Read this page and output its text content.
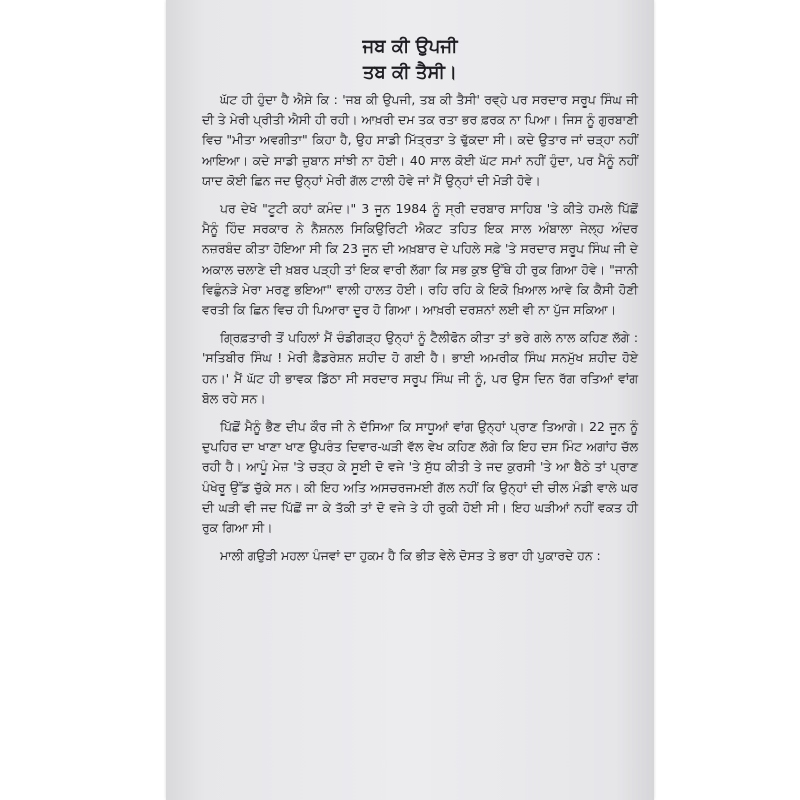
ਜਬ ਕੀ ਉਪਜੀ
ਤਬ ਕੀ ਤੈਸੀ।

ਘੱਟ ਹੀ ਹੁੰਦਾ ਹੈ ਐਸੇ ਕਿ : 'ਜਬ ਕੀ ਉਪਜੀ, ਤਬ ਕੀ ਤੈਸੀ' ਰਵ੍ਹੇ ਪਰ ਸਰਦਾਰ ਸਰੂਪ ਸਿੰਘ ਜੀ ਦੀ ਤੇ ਮੇਰੀ ਪ੍ਰੀਤੀ ਐਸੀ ਹੀ ਰਹੀ। ਆਖ਼ਰੀ ਦਮ ਤਕ ਰਤਾ ਭਰ ਫ਼ਰਕ ਨਾ ਪਿਆ। ਜਿਸ ਨੂੰ ਗੁਰਬਾਣੀ ਵਿਚ "ਮੀਤਾ ਅਵਗੀਤਾ" ਕਿਹਾ ਹੈ, ਉਹ ਸਾਡੀ ਮਿੱਤ੍ਰਤਾ ਤੇ ਢੁੱਕਦਾ ਸੀ। ਕਦੇ ਉਤਾਰ ਜਾਂ ਚੜ੍ਹਾ ਨਹੀਂ ਆਇਆ। ਕਦੇ ਸਾਡੀ ਜ਼ੁਬਾਨ ਸਾਂਝੀ ਨਾ ਹੋਈ। 40 ਸਾਲ ਕੋਈ ਘੱਟ ਸਮਾਂ ਨਹੀਂ ਹੁੰਦਾ, ਪਰ ਮੈਨੂੰ ਨਹੀਂ ਯਾਦ ਕੋਈ ਛਿਨ ਜਦ ਉਨ੍ਹਾਂ ਮੇਰੀ ਗੱਲ ਟਾਲੀ ਹੋਵੇ ਜਾਂ ਮੈਂ ਉਨ੍ਹਾਂ ਦੀ ਮੋੜੀ ਹੋਵੇ।

ਪਰ ਦੇਖੋ "ਟੂਟੀ ਕਹਾਂ ਕਮੰਦ।" 3 ਜੂਨ 1984 ਨੂੰ ਸ੍ਰੀ ਦਰਬਾਰ ਸਾਹਿਬ 'ਤੇ ਕੀਤੇ ਹਮਲੇ ਪਿੱਛੋਂ ਮੈਨੂੰ ਹਿੰਦ ਸਰਕਾਰ ਨੇ ਨੈਸ਼ਨਲ ਸਿਕਿਉਰਿਟੀ ਐਕਟ ਤਹਿਤ ਇਕ ਸਾਲ ਅੰਬਾਲਾ ਜੇਲ੍ਹ ਅੰਦਰ ਨਜ਼ਰਬੰਦ ਕੀਤਾ ਹੋਇਆ ਸੀ ਕਿ 23 ਜੂਨ ਦੀ ਅਖ਼ਬਾਰ ਦੇ ਪਹਿਲੇ ਸਫ਼ੇ 'ਤੇ ਸਰਦਾਰ ਸਰੂਪ ਸਿੰਘ ਜੀ ਦੇ ਅਕਾਲ ਚਲਾਣੇ ਦੀ ਖ਼ਬਰ ਪੜ੍ਹੀ ਤਾਂ ਇਕ ਵਾਰੀ ਲੱਗਾ ਕਿ ਸਭ ਕੁਝ ਉੱਥੇ ਹੀ ਰੁਕ ਗਿਆ ਹੋਵੇ। "ਜਾਨੀ ਵਿਛੁੰਨੜੇ ਮੇਰਾ ਮਰਣੁ ਭਇਆ" ਵਾਲੀ ਹਾਲਤ ਹੋਈ। ਰਹਿ ਰਹਿ ਕੇ ਇਕੋ ਖ਼ਿਆਲ ਆਵੇ ਕਿ ਕੈਸੀ ਹੋਣੀ ਵਰਤੀ ਕਿ ਛਿਨ ਵਿਚ ਹੀ ਪਿਆਰਾ ਦੂਰ ਹੋ ਗਿਆ। ਆਖ਼ਰੀ ਦਰਸ਼ਨਾਂ ਲਈ ਵੀ ਨਾ ਪੁੱਜ ਸਕਿਆ।

ਗ੍ਰਿਫ਼ਤਾਰੀ ਤੋਂ ਪਹਿਲਾਂ ਮੈਂ ਚੰਡੀਗੜ੍ਹ ਉਨ੍ਹਾਂ ਨੂੰ ਟੈਲੀਫੋਨ ਕੀਤਾ ਤਾਂ ਭਰੇ ਗਲੇ ਨਾਲ ਕਹਿਣ ਲੱਗੇ : 'ਸਤਿਬੀਰ ਸਿੰਘ ! ਮੇਰੀ ਫ਼ੈਡਰੇਸ਼ਨ ਸ਼ਹੀਦ ਹੋ ਗਈ ਹੈ। ਭਾਈ ਅਮਰੀਕ ਸਿੰਘ ਸਨਮੁੱਖ ਸ਼ਹੀਦ ਹੋਏ ਹਨ।' ਮੈਂ ਘੱਟ ਹੀ ਭਾਵਕ ਡਿੱਠਾ ਸੀ ਸਰਦਾਰ ਸਰੂਪ ਸਿੰਘ ਜੀ ਨੂੰ, ਪਰ ਉਸ ਦਿਨ ਰੱਗ ਰਤਿਆਂ ਵਾਂਗ ਬੋਲ ਰਹੇ ਸਨ।

ਪਿੱਛੋਂ ਮੈਨੂੰ ਭੈਣ ਦੀਪ ਕੌਰ ਜੀ ਨੇ ਦੱਸਿਆ ਕਿ ਸਾਧੂਆਂ ਵਾਂਗ ਉਨ੍ਹਾਂ ਪ੍ਰਾਣ ਤਿਆਗੇ। 22 ਜੂਨ ਨੂੰ ਦੁਪਹਿਰ ਦਾ ਖਾਣਾ ਖਾਣ ਉਪਰੰਤ ਦਿਵਾਰ-ਘੜੀ ਵੱਲ ਵੇਖ ਕਹਿਣ ਲੱਗੇ ਕਿ ਇਹ ਦਸ ਮਿੰਟ ਅਗਾਂਹ ਚੱਲ ਰਹੀ ਹੈ। ਆਪੂੰ ਮੇਜ਼ 'ਤੇ ਚੜ੍ਹ ਕੇ ਸੂਈ ਦੋ ਵਜੇ 'ਤੇ ਸੁੱਧ ਕੀਤੀ ਤੇ ਜਦ ਕੁਰਸੀ 'ਤੇ ਆ ਬੈਠੇ ਤਾਂ ਪ੍ਰਾਣ ਪੰਖੇਰੂ ਉੱਡ ਚੁੱਕੇ ਸਨ। ਕੀ ਇਹ ਅਤਿ ਅਸਚਰਜਮਈ ਗੱਲ ਨਹੀਂ ਕਿ ਉਨ੍ਹਾਂ ਦੀ ਚੀਲ ਮੰਡੀ ਵਾਲੇ ਘਰ ਦੀ ਘੜੀ ਵੀ ਜਦ ਪਿੱਛੋਂ ਜਾ ਕੇ ਤੱਕੀ ਤਾਂ ਦੋ ਵਜੇ ਤੇ ਹੀ ਰੁਕੀ ਹੋਈ ਸੀ। ਇਹ ਘੜੀਆਂ ਨਹੀਂ ਵਕਤ ਹੀ ਰੁਕ ਗਿਆ ਸੀ।

ਮਾਲੀ ਗਉੜੀ ਮਹਲਾ ਪੰਜਵਾਂ ਦਾ ਹੁਕਮ ਹੈ ਕਿ ਭੀੜ ਵੇਲੇ ਦੋਸਤ ਤੇ ਭਰਾ ਹੀ ਪੁਕਾਰਦੇ ਹਨ :
